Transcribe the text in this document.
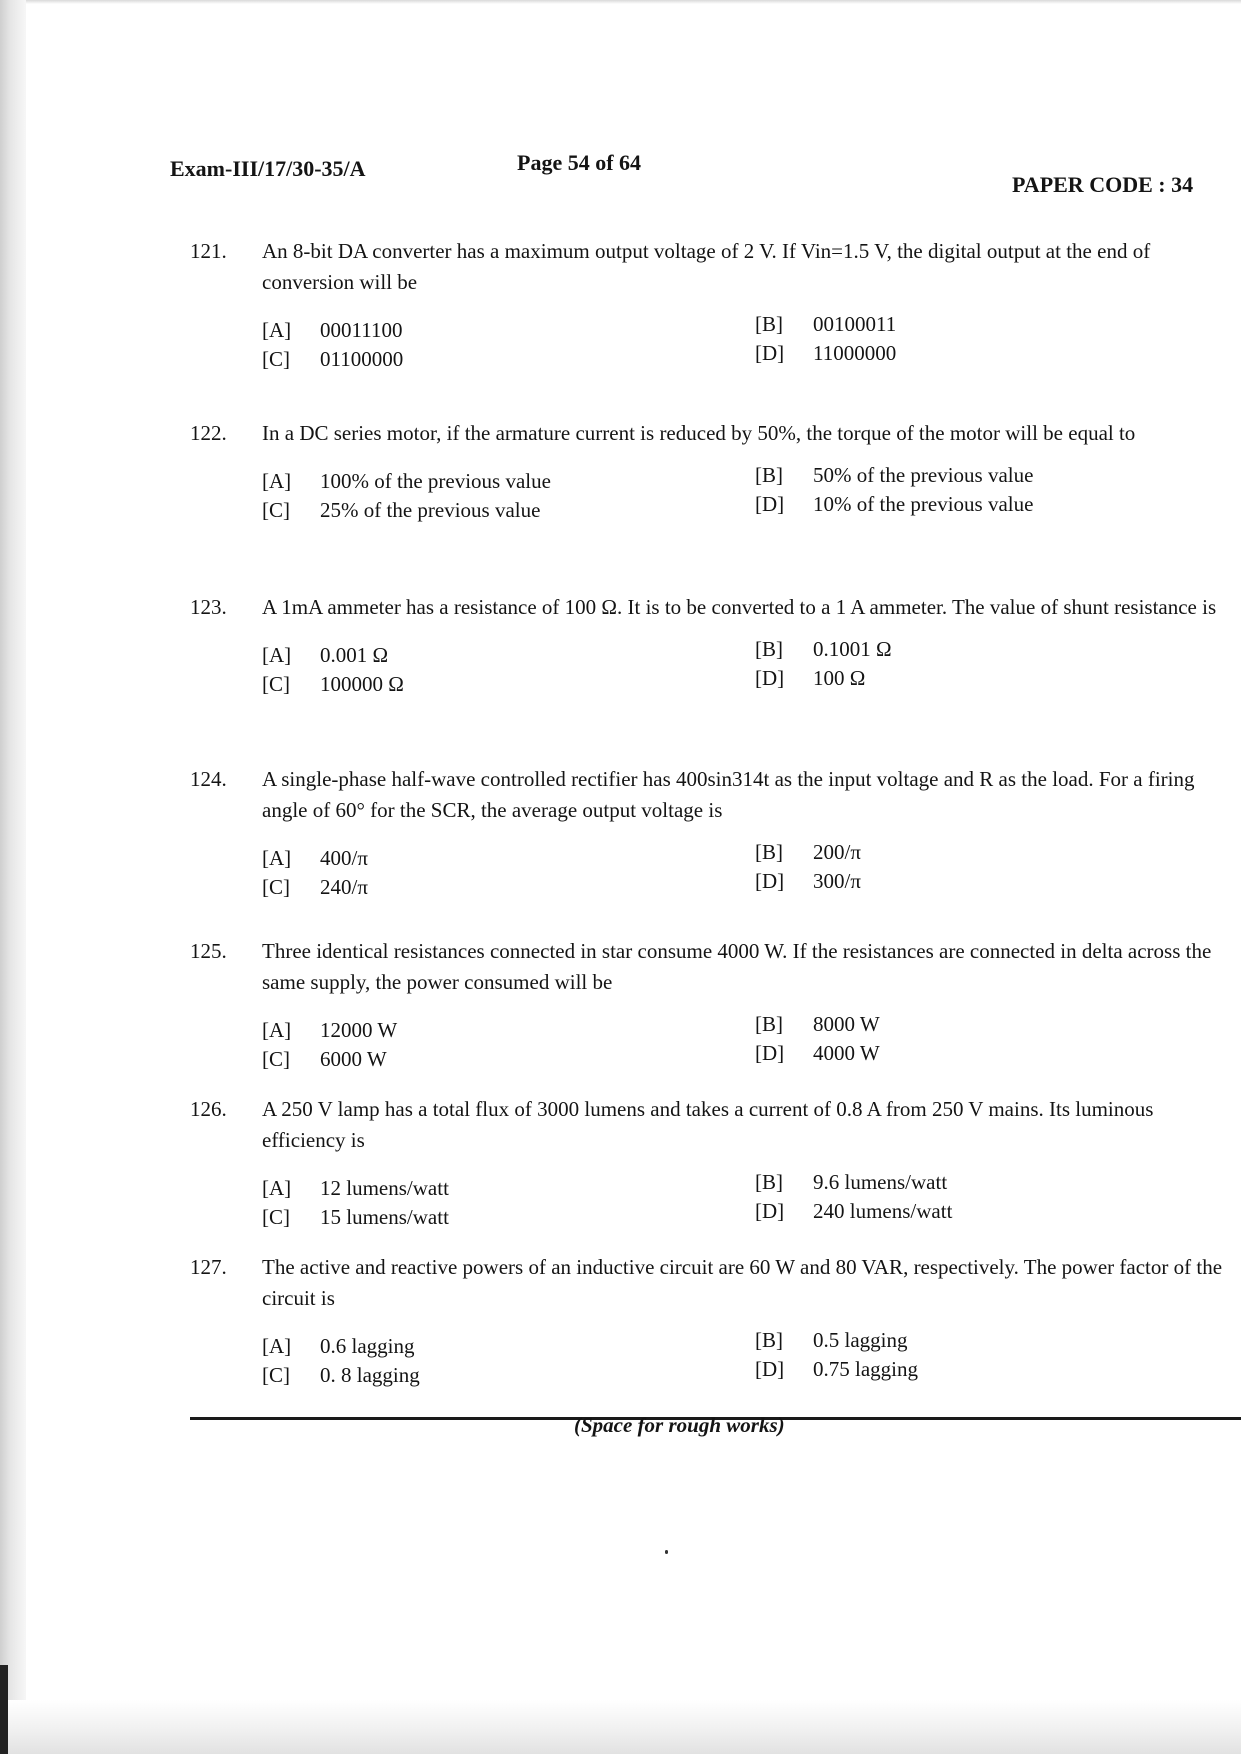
Exam-III/17/30-35/A	Page 54 of 64
PAPER CODE : 34
121. An 8-bit DA converter has a maximum output voltage of 2 V. If Vin=1.5 V, the digital output at the end of conversion will be
[A] 00011100	[B] 00100011
[C] 01100000	[D] 11000000
122. In a DC series motor, if the armature current is reduced by 50%, the torque of the motor will be equal to
[A] 100% of the previous value	[B] 50% of the previous value
[C] 25% of the previous value	[D] 10% of the previous value
123. A 1mA ammeter has a resistance of 100 Ω. It is to be converted to a 1 A ammeter. The value of shunt resistance is
[A] 0.001 Ω	[B] 0.1001 Ω
[C] 100000 Ω	[D] 100 Ω
124. A single-phase half-wave controlled rectifier has 400sin314t as the input voltage and R as the load. For a firing angle of 60° for the SCR, the average output voltage is
[A] 400/π	[B] 200/π
[C] 240/π	[D] 300/π
125. Three identical resistances connected in star consume 4000 W. If the resistances are connected in delta across the same supply, the power consumed will be
[A] 12000 W	[B] 8000 W
[C] 6000 W	[D] 4000 W
126. A 250 V lamp has a total flux of 3000 lumens and takes a current of 0.8 A from 250 V mains. Its luminous efficiency is
[A] 12 lumens/watt	[B] 9.6 lumens/watt
[C] 15 lumens/watt	[D] 240 lumens/watt
127. The active and reactive powers of an inductive circuit are 60 W and 80 VAR, respectively. The power factor of the circuit is
[A] 0.6 lagging	[B] 0.5 lagging
[C] 0. 8 lagging	[D] 0.75 lagging
(Space for rough works)
